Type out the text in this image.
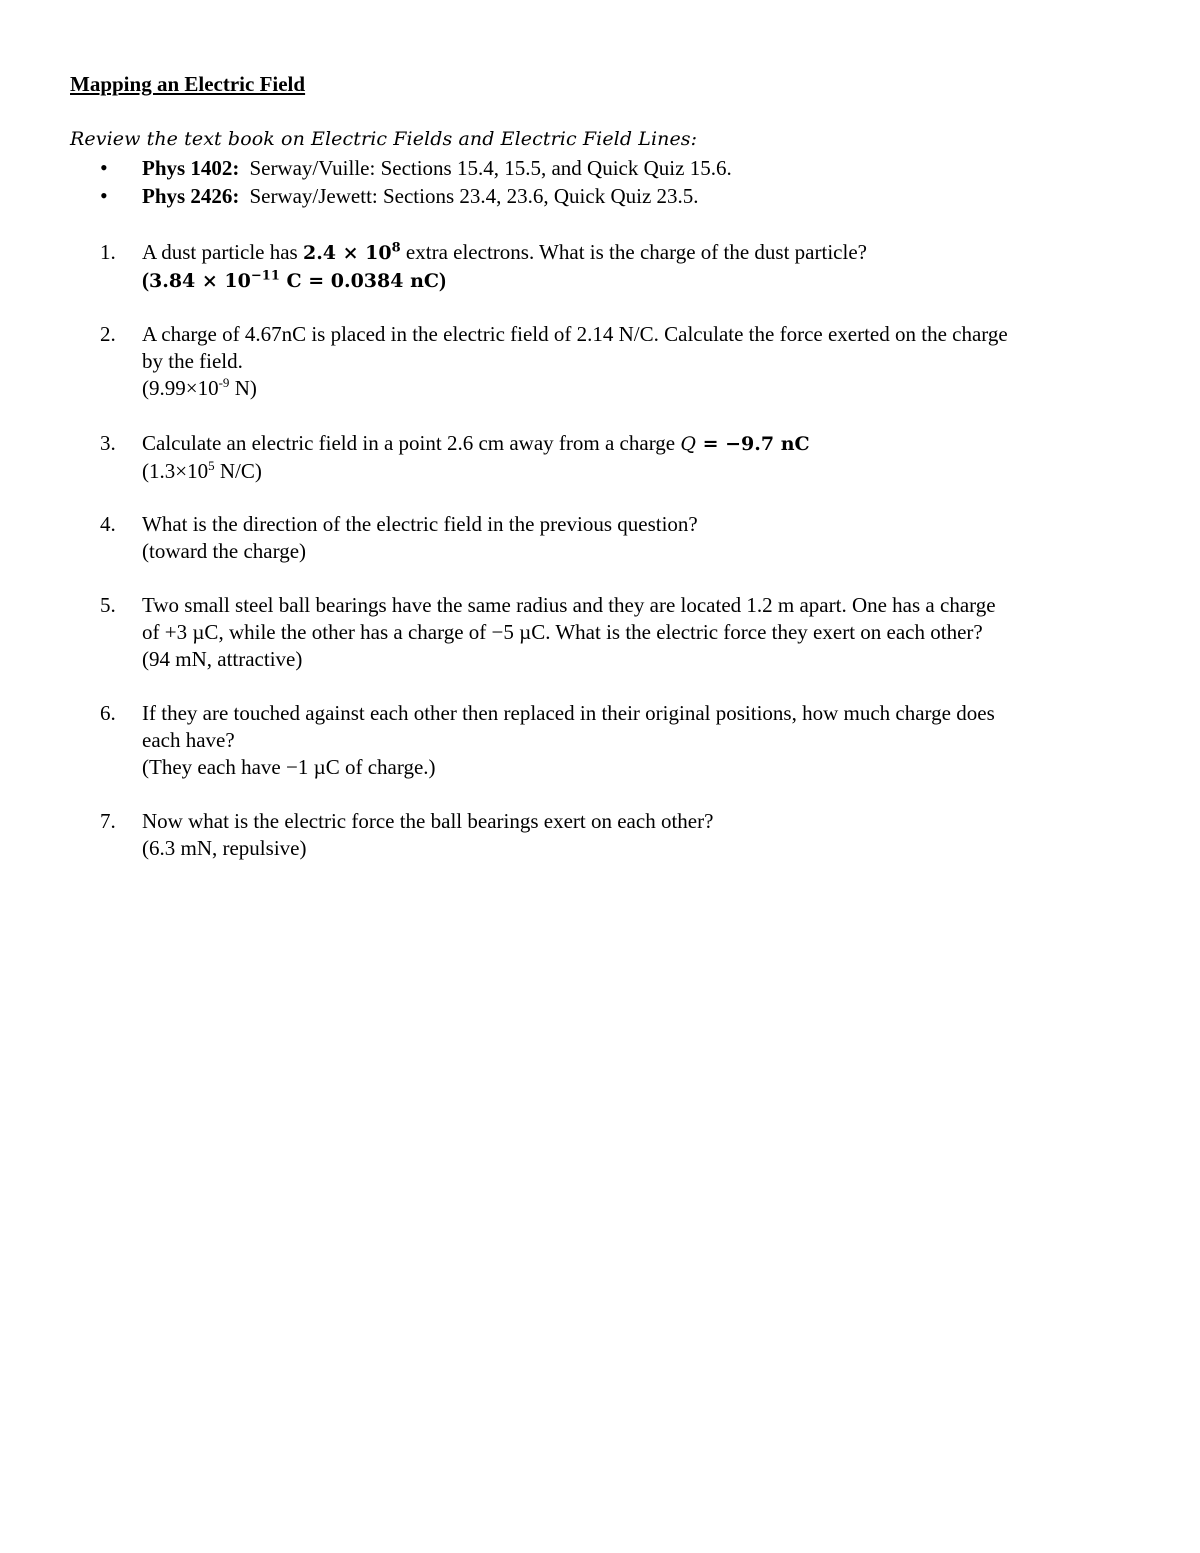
Mapping an Electric Field
Review the text book on Electric Fields and Electric Field Lines:
•	Phys 1402: Serway/Vuille: Sections 15.4, 15.5, and Quick Quiz 15.6.
•	Phys 2426: Serway/Jewett: Sections 23.4, 23.6, Quick Quiz 23.5.
1.	A dust particle has $2.4 \times 10^8$ extra electrons. What is the charge of the dust particle?
($3.84 \times 10^{-11}$ C = 0.0384 nC)
2.	A charge of 4.67nC is placed in the electric field of 2.14 N/C. Calculate the force exerted on the charge
by the field.
($9.99\times 10^{-9}$ N)
3.	Calculate an electric field in a point 2.6 cm away from a charge Q = −9.7 nC
($1.3\times 10^5$ N/C)
4.	What is the direction of the electric field in the previous question?
(toward the charge)
5.	Two small steel ball bearings have the same radius and they are located 1.2 m apart. One has a charge
of +3 µC, while the other has a charge of −5 µC. What is the electric force they exert on each other?
(94 mN, attractive)
6.	If they are touched against each other then replaced in their original positions, how much charge does
each have?
(They each have −1 µC of charge.)
7.	Now what is the electric force the ball bearings exert on each other?
(6.3 mN, repulsive)
